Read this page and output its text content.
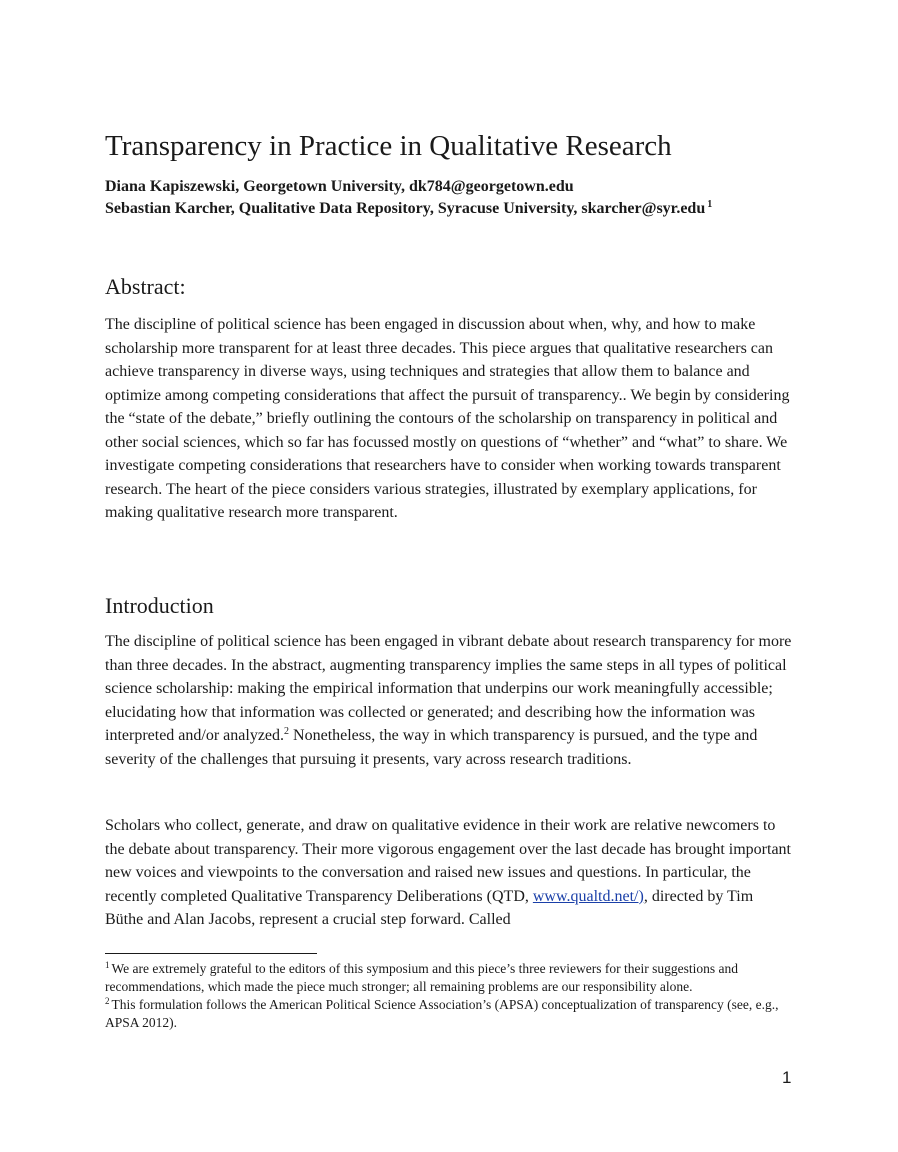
Transparency in Practice in Qualitative Research

Diana Kapiszewski, Georgetown University, dk784@georgetown.edu

Sebastian Karcher, Qualitative Data Repository, Syracuse University, skarcher@syr.edu $^1$

Abstract:

The discipline of political science has been engaged in discussion about when, why, and how to make scholarship more transparent for at least three decades. This piece argues that qualitative researchers can achieve transparency in diverse ways, using techniques and strategies that allow them to balance and optimize among competing considerations that affect the pursuit of transparency.. We begin by considering the “state of the debate,” briefly outlining the contours of the scholarship on transparency in political and other social sciences, which so far has focussed mostly on questions of “whether” and “what” to share. We investigate competing considerations that researchers have to consider when working towards transparent research. The heart of the piece considers various strategies, illustrated by exemplary applications, for making qualitative research more transparent.

Introduction

The discipline of political science has been engaged in vibrant debate about research transparency for more than three decades. In the abstract, augmenting transparency implies the same steps in all types of political science scholarship: making the empirical information that underpins our work meaningfully accessible; elucidating how that information was collected or generated; and describing how the information was interpreted and/or analyzed.$^2$ Nonetheless, the way in which transparency is pursued, and the type and severity of the challenges that pursuing it presents, vary across research traditions.

Scholars who collect, generate, and draw on qualitative evidence in their work are relative newcomers to the debate about transparency. Their more vigorous engagement over the last decade has brought important new voices and viewpoints to the conversation and raised new issues and questions. In particular, the recently completed Qualitative Transparency Deliberations (QTD, www.qualtd.net/), directed by Tim Büthe and Alan Jacobs, represent a crucial step forward. Called

$^1$ We are extremely grateful to the editors of this symposium and this piece’s three reviewers for their suggestions and recommendations, which made the piece much stronger; all remaining problems are our responsibility alone.

$^2$ This formulation follows the American Political Science Association’s (APSA) conceptualization of transparency (see, e.g., APSA 2012).

1
